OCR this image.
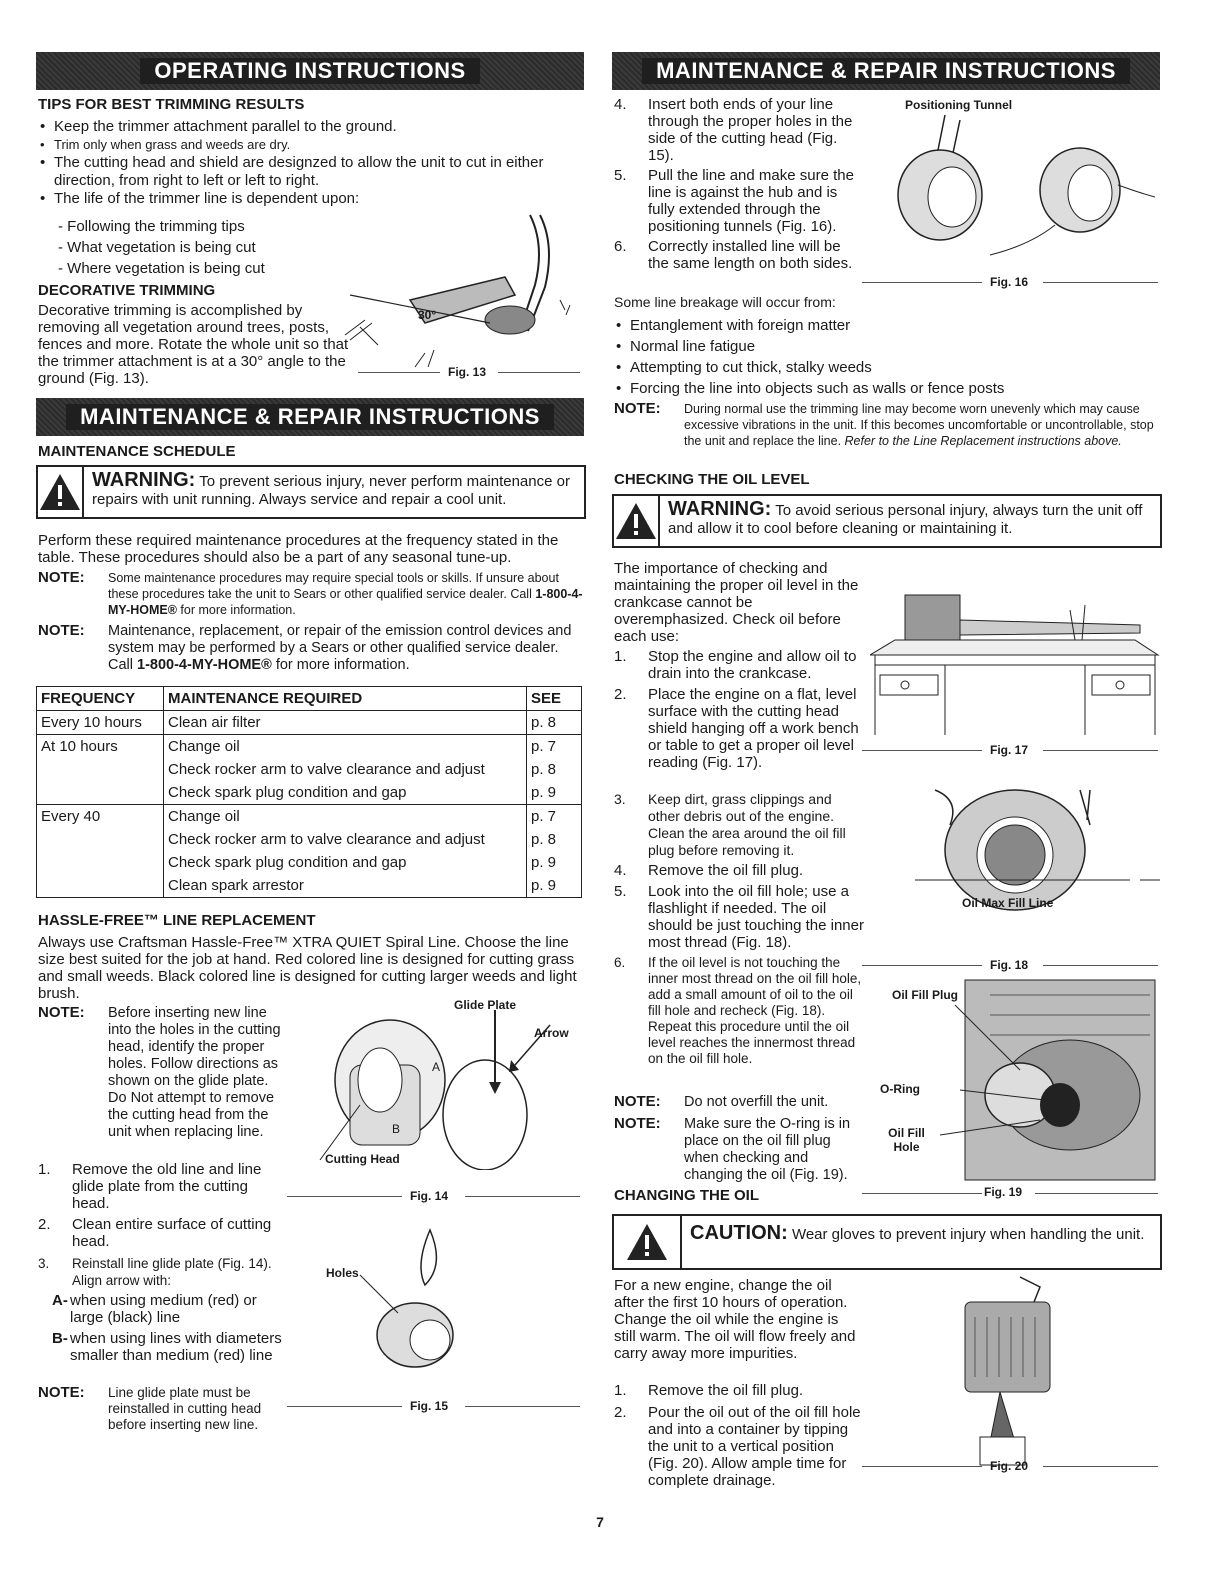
OPERATING INSTRUCTIONS

TIPS FOR BEST TRIMMING RESULTS

• Keep the trimmer attachment parallel to the ground.
• Trim only when grass and weeds are dry.
• The cutting head and shield are designzed to allow the unit to cut in either direction, from right to left or left to right.
• The life of the trimmer line is dependent upon:
- Following the trimming tips
- What vegetation is being cut
- Where vegetation is being cut

DECORATIVE TRIMMING

Decorative trimming is accomplished by removing all vegetation around trees, posts, fences and more. Rotate the whole unit so that the trimmer attachment is at a 30° angle to the ground (Fig. 13).

30°
Fig. 13
MAINTENANCE & REPAIR INSTRUCTIONS

MAINTENANCE SCHEDULE

WARNING: To prevent serious injury, never perform maintenance or repairs with unit running. Always service and repair a cool unit.

Perform these required maintenance procedures at the frequency stated in the table. These procedures should also be a part of any seasonal tune-up.

NOTE:	Some maintenance procedures may require special tools or skills. If unsure about these procedures take the unit to Sears or other qualified service dealer. Call 1-800-4-MY-HOME® for more information.
NOTE:	Maintenance, replacement, or repair of the emission control devices and system may be performed by a Sears or other qualified service dealer. Call 1-800-4-MY-HOME® for more information.
FREQUENCY	MAINTENANCE REQUIRED	SEE
Every 10 hours	Clean air filter	p. 8
At 10 hours	Change oil	p. 7
	Check rocker arm to valve clearance and adjust	p. 8
	Check spark plug condition and gap	p. 9
Every 40	Change oil	p. 7
	Check rocker arm to valve clearance and adjust	p. 8
	Check spark plug condition and gap	p. 9
	Clean spark arrestor	p. 9

HASSLE-FREE™ LINE REPLACEMENT

Always use Craftsman Hassle-Free™ XTRA QUIET Spiral Line. Choose the line size best suited for the job at hand. Red colored line is designed for cutting grass and small weeds. Black colored line is designed for cutting larger weeds and light brush.

NOTE:	Before inserting new line into the holes in the cutting head, identify the proper holes. Follow directions as shown on the glide plate. Do Not attempt to remove the cutting head from the unit when replacing line.
1.	Remove the old line and line glide plate from the cutting head.
2.	Clean entire surface of cutting head.
3.	Reinstall line glide plate (Fig. 14). Align arrow with:
A- when using medium (red) or large (black) line
B- when using lines with diameters smaller than medium (red) line
NOTE:	Line glide plate must be reinstalled in cutting head before inserting new line.
Glide Plate
Arrow
Cutting Head
A
B
Fig. 14
Holes
Fig. 15
MAINTENANCE & REPAIR INSTRUCTIONS
4.	Insert both ends of your line through the proper holes in the side of the cutting head (Fig. 15).
5.	Pull the line and make sure the line is against the hub and is fully extended through the positioning tunnels (Fig. 16).
6.	Correctly installed line will be the same length on both sides.
Positioning Tunnel
Fig. 16

Some line breakage will occur from:

• Entanglement with foreign matter
• Normal line fatigue
• Attempting to cut thick, stalky weeds
• Forcing the line into objects such as walls or fence posts
NOTE:	During normal use the trimming line may become worn unevenly which may cause excessive vibrations in the unit. If this becomes uncomfortable or uncontrollable, stop the unit and replace the line. Refer to the Line Replacement instructions above.

CHECKING THE OIL LEVEL

WARNING: To avoid serious personal injury, always turn the unit off and allow it to cool before cleaning or maintaining it.

The importance of checking and maintaining the proper oil level in the crankcase cannot be overemphasized. Check oil before each use:

1.	Stop the engine and allow oil to drain into the crankcase.
2.	Place the engine on a flat, level surface with the cutting head shield hanging off a work bench or table to get a proper oil level reading (Fig. 17).
3.	Keep dirt, grass clippings and other debris out of the engine. Clean the area around the oil fill plug before removing it.
4.	Remove the oil fill plug.
5.	Look into the oil fill hole; use a flashlight if needed. The oil should be just touching the inner most thread (Fig. 18).
6.	If the oil level is not touching the inner most thread on the oil fill hole, add a small amount of oil to the oil fill hole and recheck (Fig. 18). Repeat this procedure until the oil level reaches the innermost thread on the oil fill hole.
NOTE:	Do not overfill the unit.
NOTE:	Make sure the O-ring is in place on the oil fill plug when checking and changing the oil (Fig. 19).
Fig. 17
Oil Max Fill Line
Fig. 18
Oil Fill Plug
O-Ring
Oil Fill Hole
Fig. 19

CHANGING THE OIL

CAUTION: Wear gloves to prevent injury when handling the unit.

For a new engine, change the oil after the first 10 hours of operation. Change the oil while the engine is still warm. The oil will flow freely and carry away more impurities.

1.	Remove the oil fill plug.
2.	Pour the oil out of the oil fill hole and into a container by tipping the unit to a vertical position (Fig. 20). Allow ample time for complete drainage.
Fig. 20
7
